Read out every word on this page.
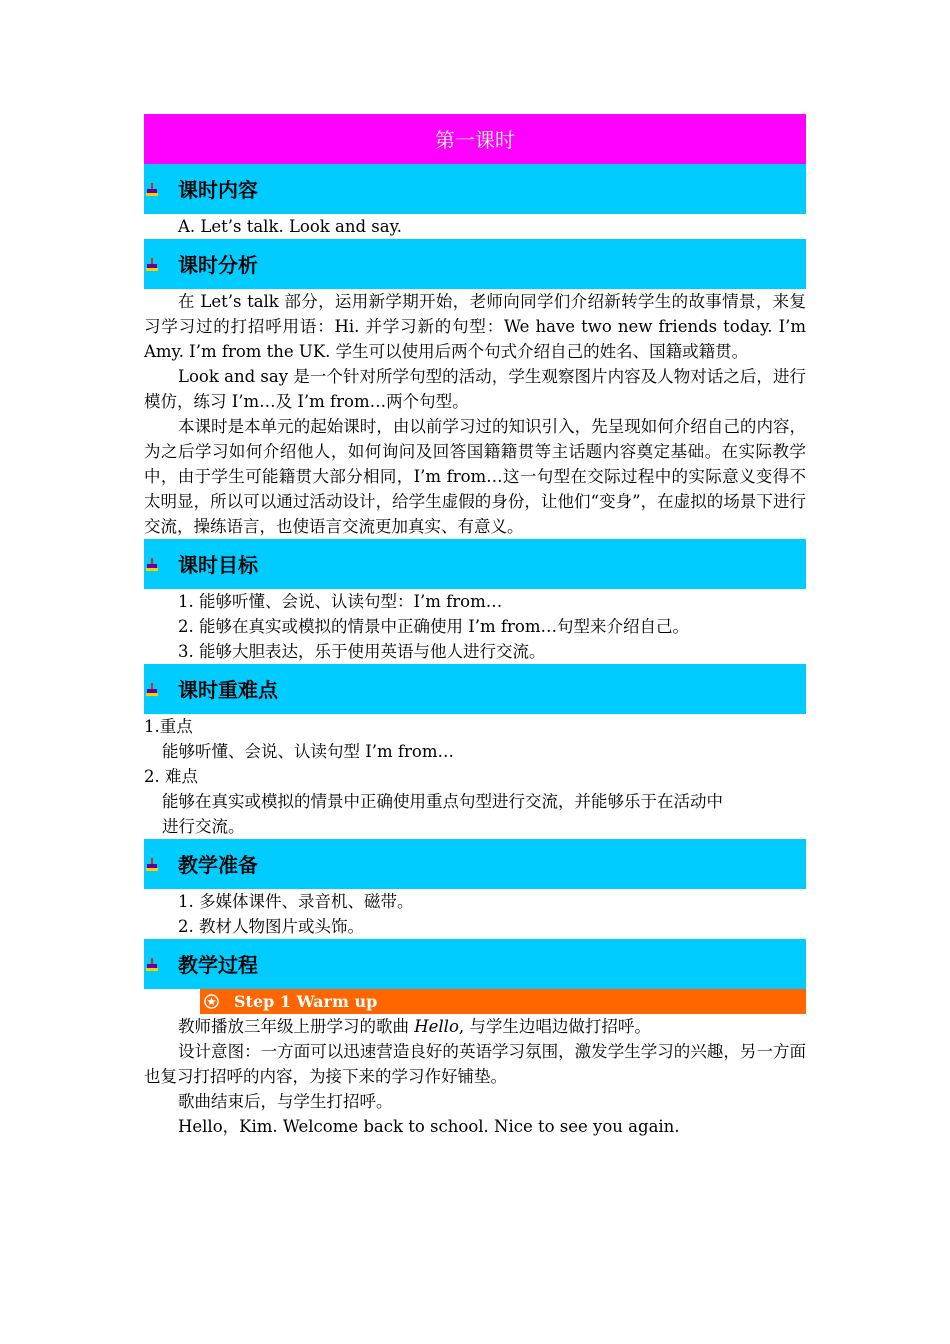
第一课时
课时内容
A. Let’s talk. Look and say.
课时分析
在 Let’s talk 部分，运用新学期开始，老师向同学们介绍新转学生的故事情景，来复习学习过的打招呼用语：Hi. 并学习新的句型：We have two new friends today. I’m Amy. I’m from the UK. 学生可以使用后两个句式介绍自己的姓名、国籍或籍贯。
Look and say 是一个针对所学句型的活动，学生观察图片内容及人物对话之后，进行模仿，练习 I’m…及 I’m from…两个句型。
本课时是本单元的起始课时，由以前学习过的知识引入，先呈现如何介绍自己的内容，为之后学习如何介绍他人，如何询问及回答国籍籍贯等主话题内容奠定基础。在实际教学中，由于学生可能籍贯大部分相同，I’m from…这一句型在交际过程中的实际意义变得不太明显，所以可以通过活动设计，给学生虚假的身份，让他们“变身”，在虚拟的场景下进行交流，操练语言，也使语言交流更加真实、有意义。
课时目标
1. 能够听懂、会说、认读句型：I’m from…
2. 能够在真实或模拟的情景中正确使用 I’m from…句型来介绍自己。
3. 能够大胆表达，乐于使用英语与他人进行交流。
课时重难点
1.重点
能够听懂、会说、认读句型 I’m from…
2. 难点
能够在真实或模拟的情景中正确使用重点句型进行交流，并能够乐于在活动中
进行交流。
教学准备
1. 多媒体课件、录音机、磁带。
2. 教材人物图片或头饰。
教学过程
Step 1 Warm up
教师播放三年级上册学习的歌曲 Hello, 与学生边唱边做打招呼。
设计意图：一方面可以迅速营造良好的英语学习氛围，激发学生学习的兴趣，另一方面也复习打招呼的内容，为接下来的学习作好铺垫。
歌曲结束后，与学生打招呼。
Hello，Kim. Welcome back to school. Nice to see you again.
